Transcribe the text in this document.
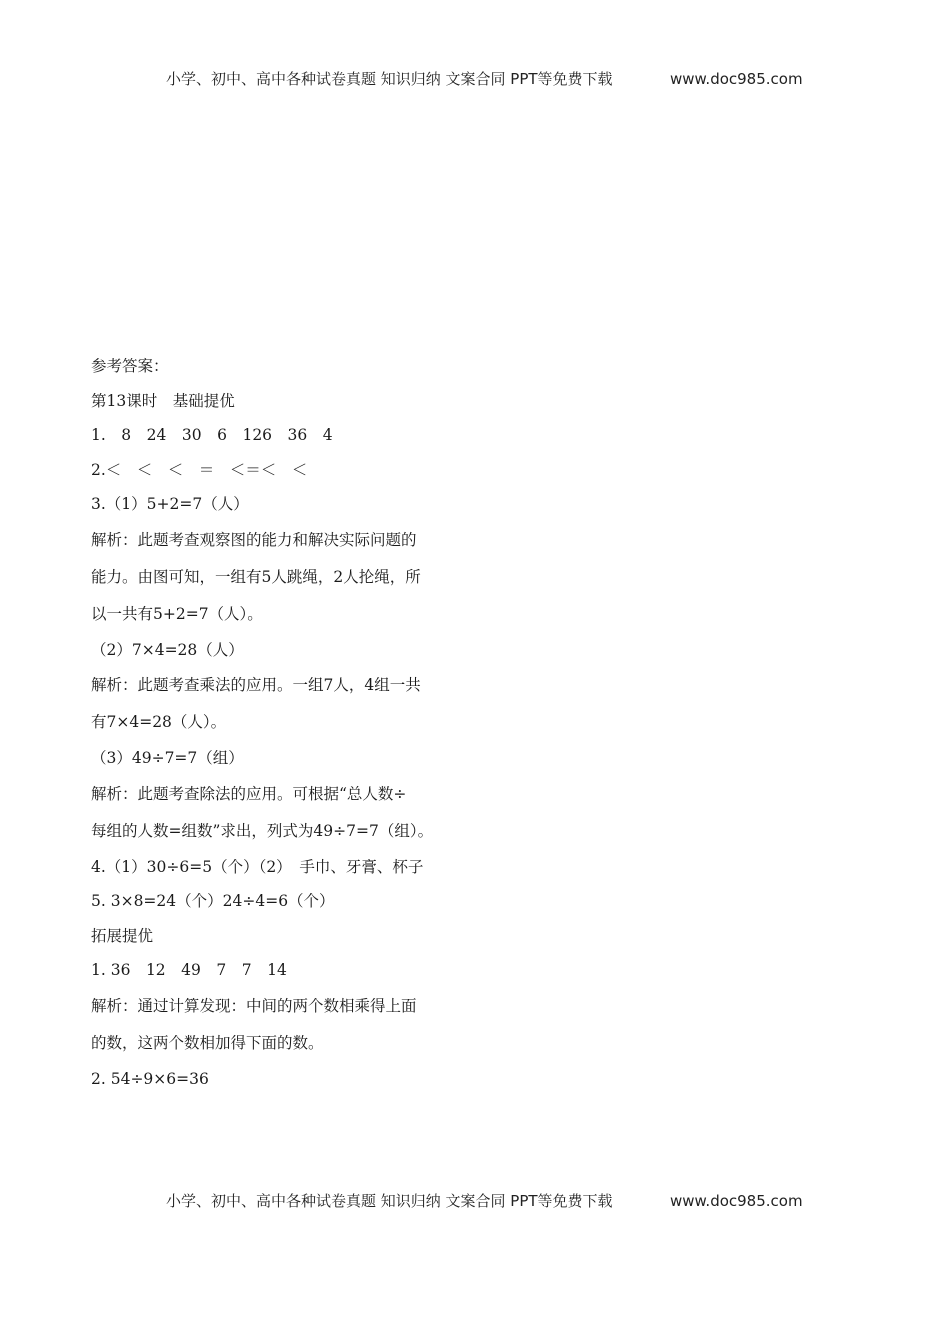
小学、初中、高中各种试卷真题 知识归纳 文案合同 PPT等免费下载	www.doc985.com
参考答案：
第13课时　基础提优
1.　8　24　30　6　126　36　4
2.＜　＜　＜　＝　＜＝＜　＜
3.（1）5+2=7（人）
解析：此题考查观察图的能力和解决实际问题的
能力。由图可知，一组有5人跳绳，2人抡绳，所
以一共有5+2=7（人）。
（2）7×4=28（人）
解析：此题考查乘法的应用。一组7人，4组一共
有7×4=28（人）。
（3）49÷7=7（组）
解析：此题考查除法的应用。可根据“总人数÷
每组的人数=组数”求出，列式为49÷7=7（组）。
4.（1）30÷6=5（个）（2）　手巾、牙膏、杯子
5. 3×8=24（个）24÷4=6（个）
拓展提优
1. 36　12　49　7　7　14
解析：通过计算发现：中间的两个数相乘得上面
的数，这两个数相加得下面的数。
2. 54÷9×6=36
小学、初中、高中各种试卷真题 知识归纳 文案合同 PPT等免费下载	www.doc985.com
